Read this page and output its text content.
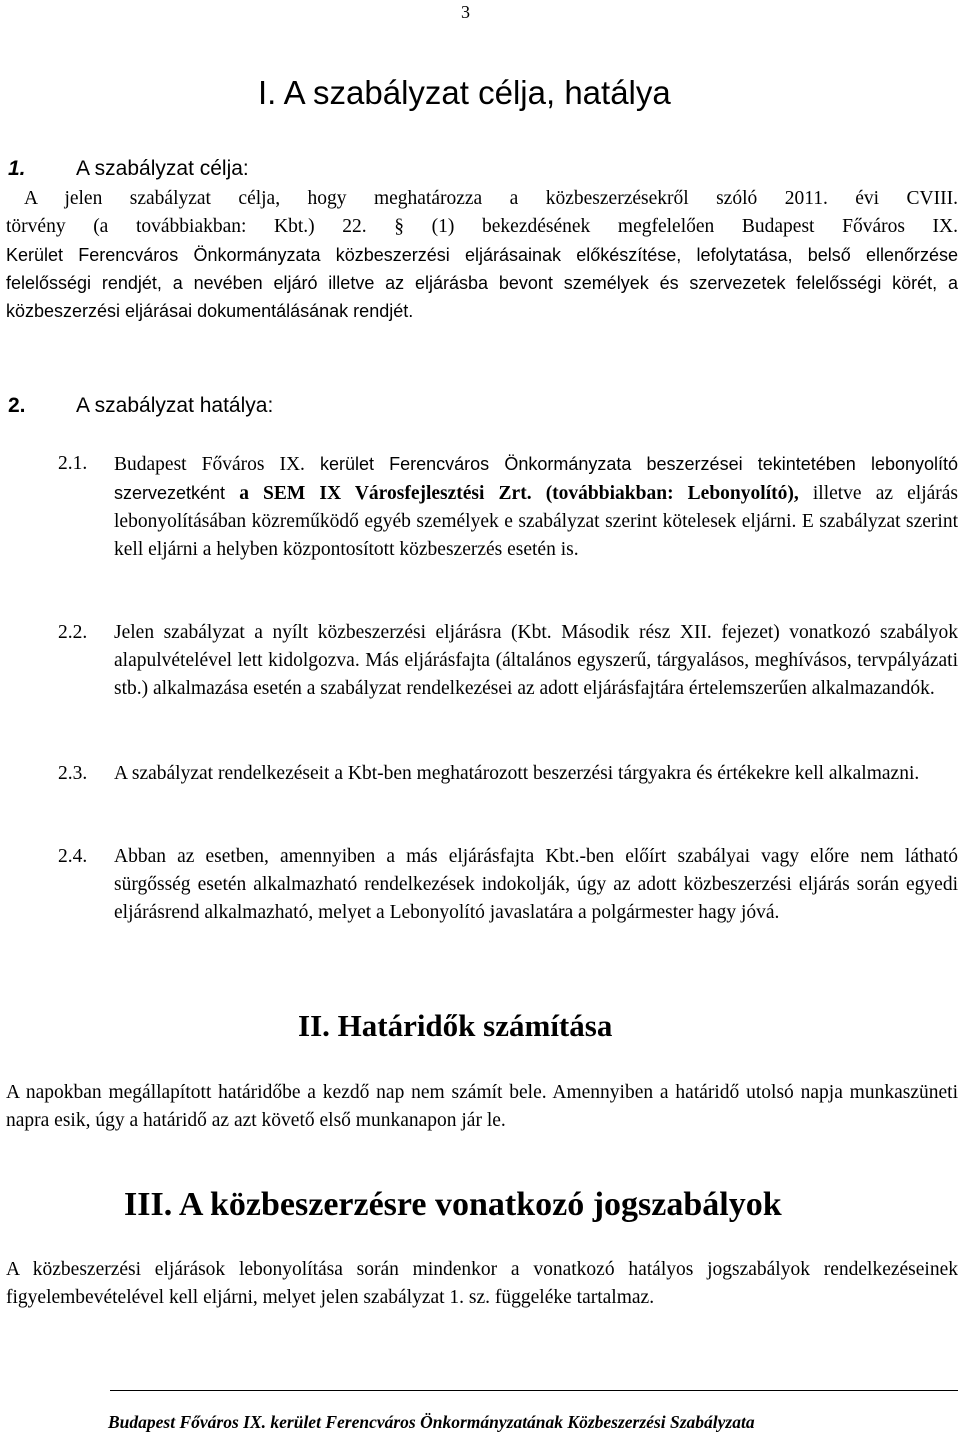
3
I. A szabályzat célja, hatálya
1. A szabályzat célja:
A jelen szabályzat célja, hogy meghatározza a közbeszerzésekről szóló 2011. évi CVIII.
törvény (a továbbiakban: Kbt.) 22. § (1) bekezdésének megfelelően Budapest Főváros IX.
Kerület Ferencváros Önkormányzata közbeszerzési eljárásainak előkészítése, lefolytatása, belső ellenőrzése felelősségi rendjét, a nevében eljáró illetve az eljárásba bevont személyek és szervezetek felelősségi körét, a közbeszerzési eljárásai dokumentálásának rendjét.
2. A szabályzat hatálya:
2.1. Budapest Főváros IX. kerület Ferencváros Önkormányzata beszerzései tekintetében lebonyolító szervezetként a SEM IX Városfejlesztési Zrt. (továbbiakban: Lebonyolító), illetve az eljárás lebonyolításában közreműködő egyéb személyek e szabályzat szerint kötelesek eljárni. E szabályzat szerint kell eljárni a helyben központosított közbeszerzés esetén is.
2.2. Jelen szabályzat a nyílt közbeszerzési eljárásra (Kbt. Második rész XII. fejezet) vonatkozó szabályok alapulvételével lett kidolgozva. Más eljárásfajta (általános egyszerű, tárgyalásos, meghívásos, tervpályázati stb.) alkalmazása esetén a szabályzat rendelkezései az adott eljárásfajtára értelemszerűen alkalmazandók.
2.3. A szabályzat rendelkezéseit a Kbt-ben meghatározott beszerzési tárgyakra és értékekre kell alkalmazni.
2.4. Abban az esetben, amennyiben a más eljárásfajta Kbt.-ben előírt szabályai vagy előre nem látható sürgősség esetén alkalmazható rendelkezések indokolják, úgy az adott közbeszerzési eljárás során egyedi eljárásrend alkalmazható, melyet a Lebonyolító javaslatára a polgármester hagy jóvá.
II. Határidők számítása
A napokban megállapított határidőbe a kezdő nap nem számít bele. Amennyiben a határidő utolsó napja munkaszüneti napra esik, úgy a határidő az azt követő első munkanapon jár le.
III. A közbeszerzésre vonatkozó jogszabályok
A közbeszerzési eljárások lebonyolítása során mindenkor a vonatkozó hatályos jogszabályok rendelkezéseinek figyelembevételével kell eljárni, melyet jelen szabályzat 1. sz. függeléke tartalmaz.
Budapest Főváros IX. kerület Ferencváros Önkormányzatának Közbeszerzési Szabályzata
